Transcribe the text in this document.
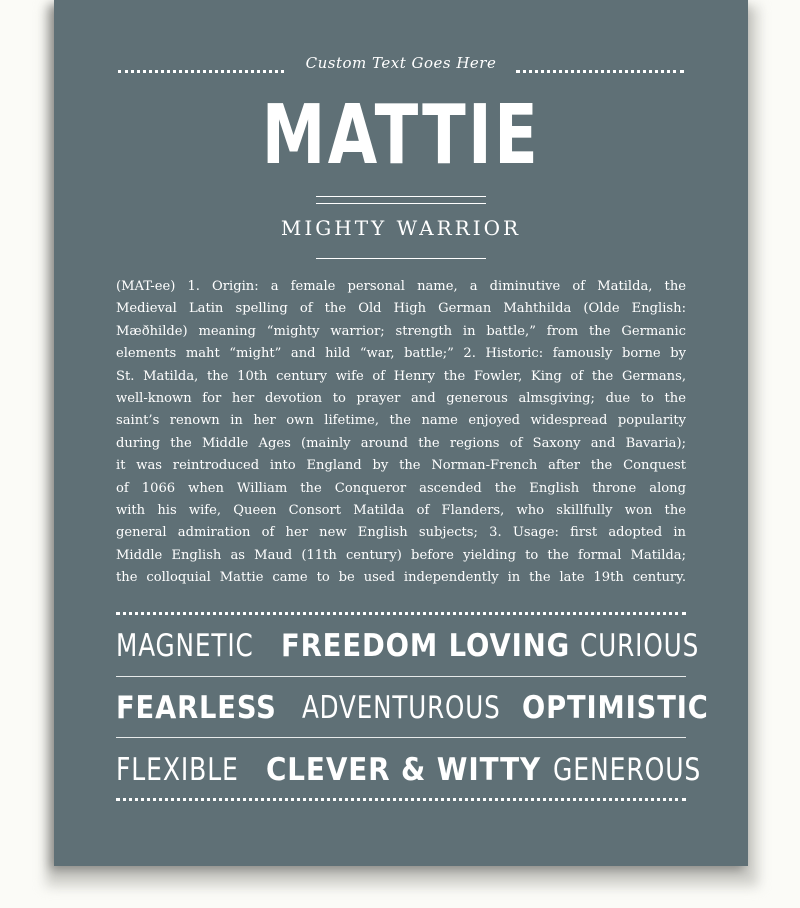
Custom Text Goes Here
MATTIE
MIGHTY WARRIOR
(MAT-ee) 1. Origin: a female personal name, a diminutive of Matilda, the
Medieval Latin spelling of the Old High German Mahthilda (Olde English:
Mæðhilde) meaning “mighty warrior; strength in battle,” from the Germanic
elements maht “might” and hild “war, battle;” 2. Historic: famously borne by
St. Matilda, the 10th century wife of Henry the Fowler, King of the Germans,
well-known for her devotion to prayer and generous almsgiving; due to the
saint’s renown in her own lifetime, the name enjoyed widespread popularity
during the Middle Ages (mainly around the regions of Saxony and Bavaria);
it was reintroduced into England by the Norman-French after the Conquest
of 1066 when William the Conqueror ascended the English throne along
with his wife, Queen Consort Matilda of Flanders, who skillfully won the
general admiration of her new English subjects; 3. Usage: first adopted in
Middle English as Maud (11th century) before yielding to the formal Matilda;
the colloquial Mattie came to be used independently in the late 19th century.
MAGNETIC FREEDOM LOVING CURIOUS
FEARLESS ADVENTUROUS OPTIMISTIC
FLEXIBLE CLEVER & WITTY GENEROUS
